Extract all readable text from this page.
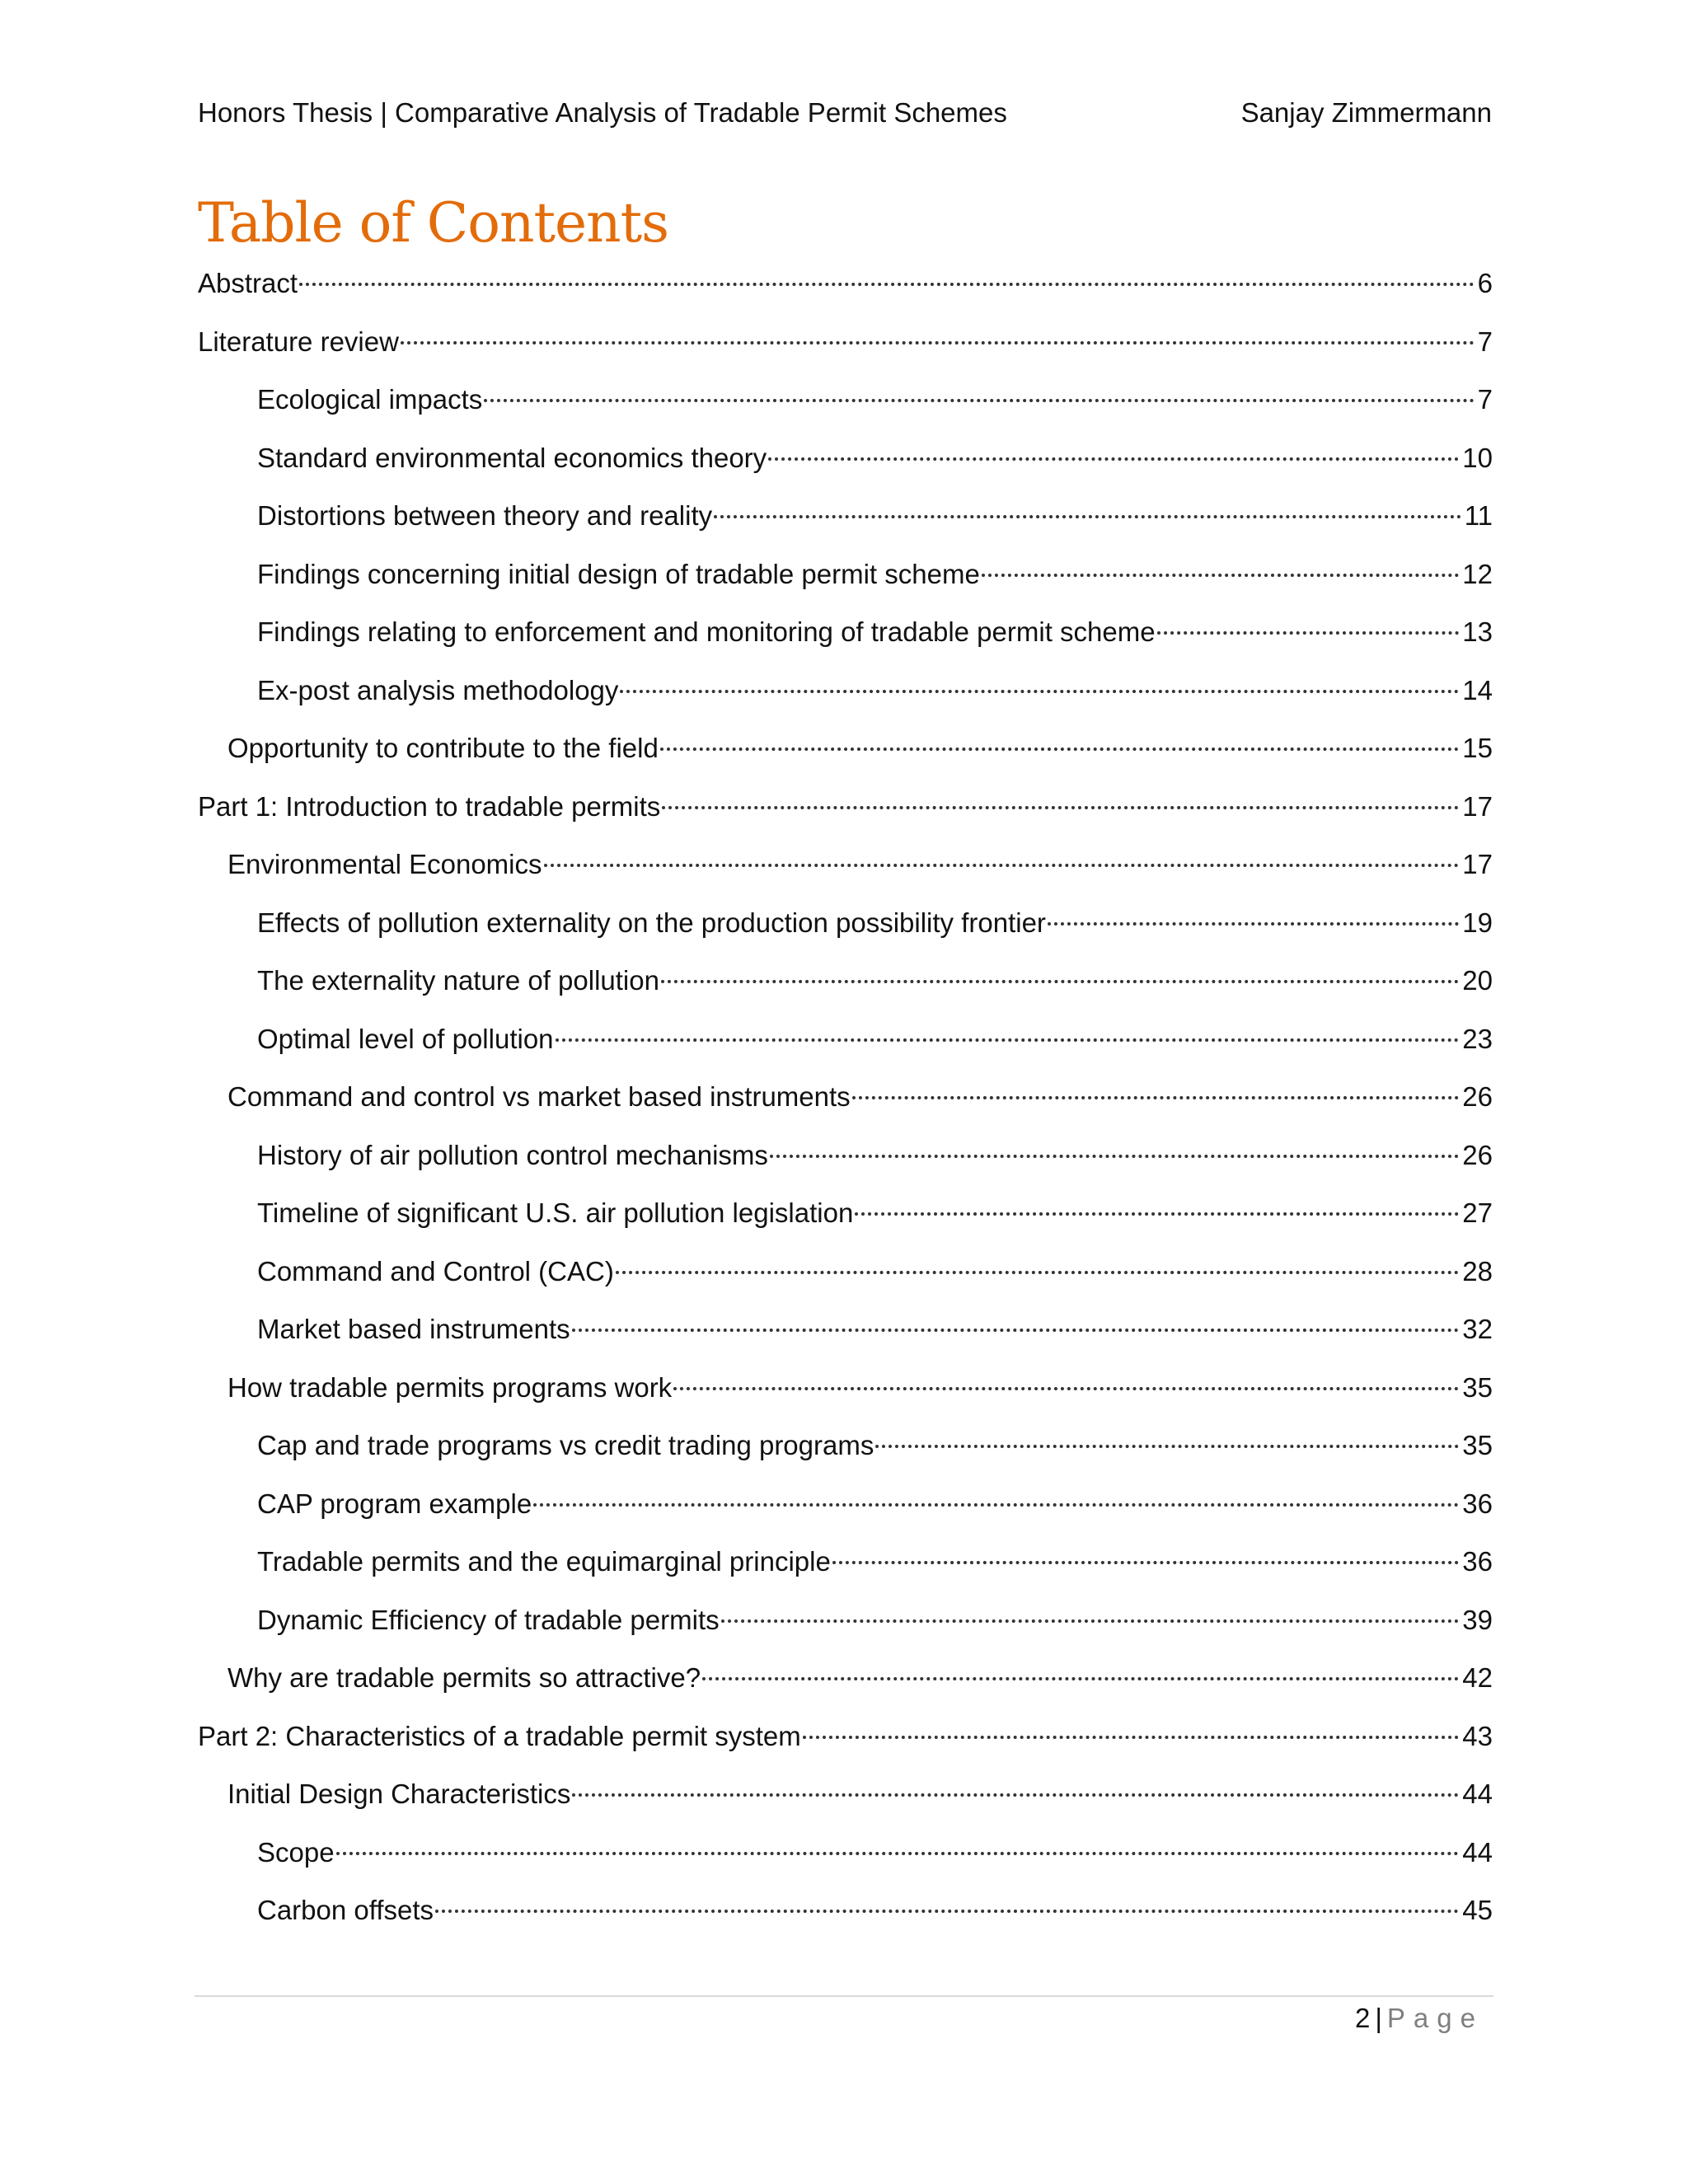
Honors Thesis | Comparative Analysis of Tradable Permit Schemes	Sanjay Zimmermann
Table of Contents
Abstract	6
Literature review	7
Ecological impacts	7
Standard environmental economics theory	10
Distortions between theory and reality	11
Findings concerning initial design of tradable permit scheme	12
Findings relating to enforcement and monitoring of tradable permit scheme	13
Ex-post analysis methodology	14
Opportunity to contribute to the field	15
Part 1: Introduction to tradable permits	17
Environmental Economics	17
Effects of pollution externality on the production possibility frontier	19
The externality nature of pollution	20
Optimal level of pollution	23
Command and control vs market based instruments	26
History of air pollution control mechanisms	26
Timeline of significant U.S. air pollution legislation	27
Command and Control (CAC)	28
Market based instruments	32
How tradable permits programs work	35
Cap and trade programs vs credit trading programs	35
CAP program example	36
Tradable permits and the equimarginal principle	36
Dynamic Efficiency of tradable permits	39
Why are tradable permits so attractive?	42
Part 2: Characteristics of a tradable permit system	43
Initial Design Characteristics	44
Scope	44
Carbon offsets	45
2 | Page
